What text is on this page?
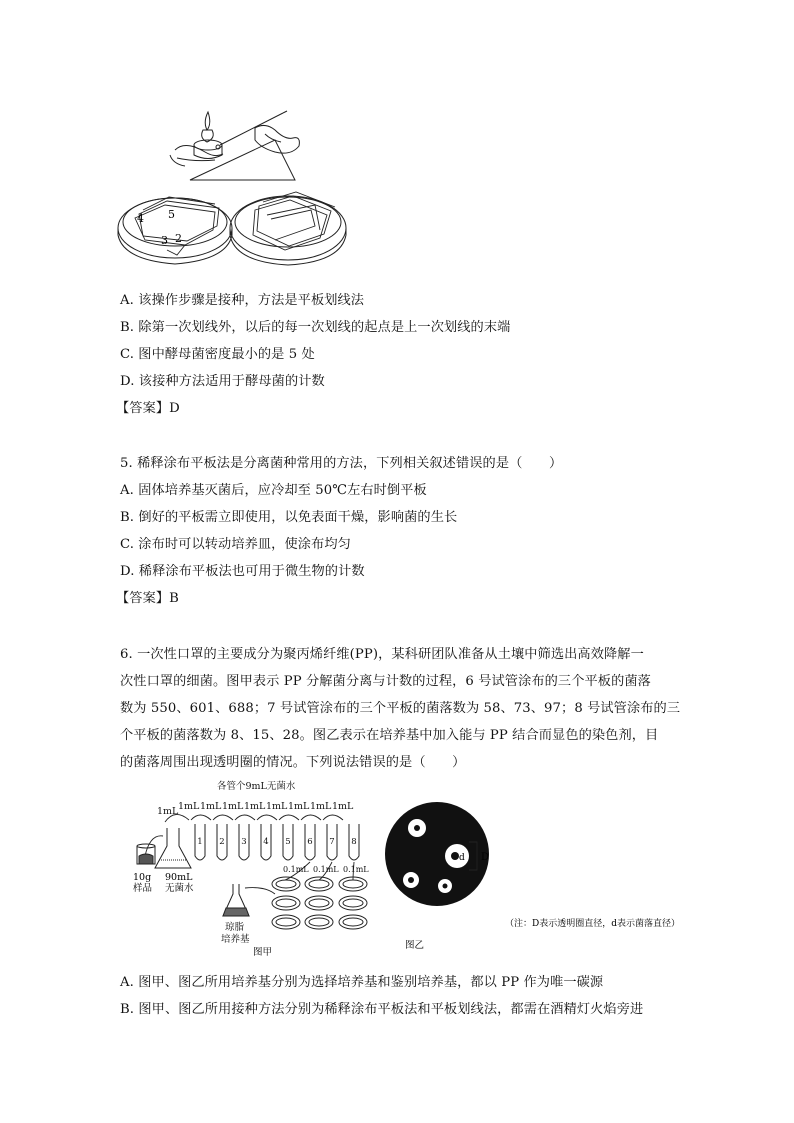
4 5
3 2
A. 该操作步骤是接种，方法是平板划线法
B. 除第一次划线外，以后的每一次划线的起点是上一次划线的末端
C. 图中酵母菌密度最小的是 5 处
D. 该接种方法适用于酵母菌的计数
【答案】D
5. 稀释涂布平板法是分离菌种常用的方法，下列相关叙述错误的是（　　）
A. 固体培养基灭菌后，应冷却至 50℃左右时倒平板
B. 倒好的平板需立即使用，以免表面干燥，影响菌的生长
C. 涂布时可以转动培养皿，使涂布均匀
D. 稀释涂布平板法也可用于微生物的计数
【答案】B
6. 一次性口罩的主要成分为聚丙烯纤维(PP)，某科研团队准备从土壤中筛选出高效降解一
次性口罩的细菌。图甲表示 PP 分解菌分离与计数的过程，6 号试管涂布的三个平板的菌落
数为 550、601、688；7 号试管涂布的三个平板的菌落数为 58、73、97；8 号试管涂布的三
个平板的菌落数为 8、15、28。图乙表示在培养基中加入能与 PP 结合而显色的染色剂，目
的菌落周围出现透明圈的情况。下列说法错误的是（　　）
各管个9mL无菌水
1mL 1mL 1mL 1mL 1mL 1mL 1mL 1mL 1mL
10g
样品
90mL
无菌水
1 2 3 4 5 6 7 8
0.1mL 0.1mL 0.1mL
琼脂
培养基
图甲
d D
（注：D表示透明圈直径，d表示菌落直径）
图乙
A. 图甲、图乙所用培养基分别为选择培养基和鉴别培养基，都以 PP 作为唯一碳源
B. 图甲、图乙所用接种方法分别为稀释涂布平板法和平板划线法，都需在酒精灯火焰旁进
